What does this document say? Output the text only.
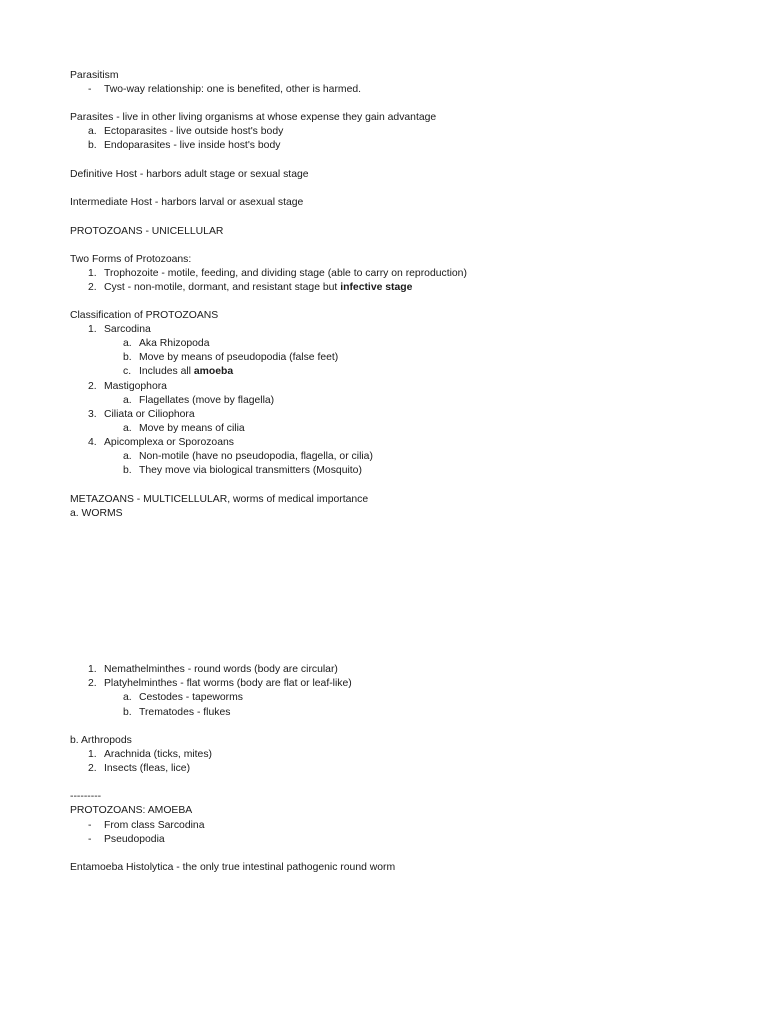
Parasitism
- Two-way relationship: one is benefited, other is harmed.
Parasites - live in other living organisms at whose expense they gain advantage
a. Ectoparasites - live outside host's body
b. Endoparasites - live inside host's body
Definitive Host - harbors adult stage or sexual stage
Intermediate Host - harbors larval or asexual stage
PROTOZOANS - UNICELLULAR
Two Forms of Protozoans:
1. Trophozoite - motile, feeding, and dividing stage (able to carry on reproduction)
2. Cyst - non-motile, dormant, and resistant stage but infective stage
Classification of PROTOZOANS
1. Sarcodina
a. Aka Rhizopoda
b. Move by means of pseudopodia (false feet)
c. Includes all amoeba
2. Mastigophora
a. Flagellates (move by flagella)
3. Ciliata or Ciliophora
a. Move by means of cilia
4. Apicomplexa or Sporozoans
a. Non-motile (have no pseudopodia, flagella, or cilia)
b. They move via biological transmitters (Mosquito)
METAZOANS - MULTICELLULAR, worms of medical importance
a. WORMS
1. Nemathelminthes - round words (body are circular)
2. Platyhelminthes - flat worms (body are flat or leaf-like)
a. Cestodes - tapeworms
b. Trematodes - flukes
b. Arthropods
1. Arachnida (ticks, mites)
2. Insects (fleas, lice)
---------
PROTOZOANS: AMOEBA
- From class Sarcodina
- Pseudopodia
Entamoeba Histolytica - the only true intestinal pathogenic round worm
